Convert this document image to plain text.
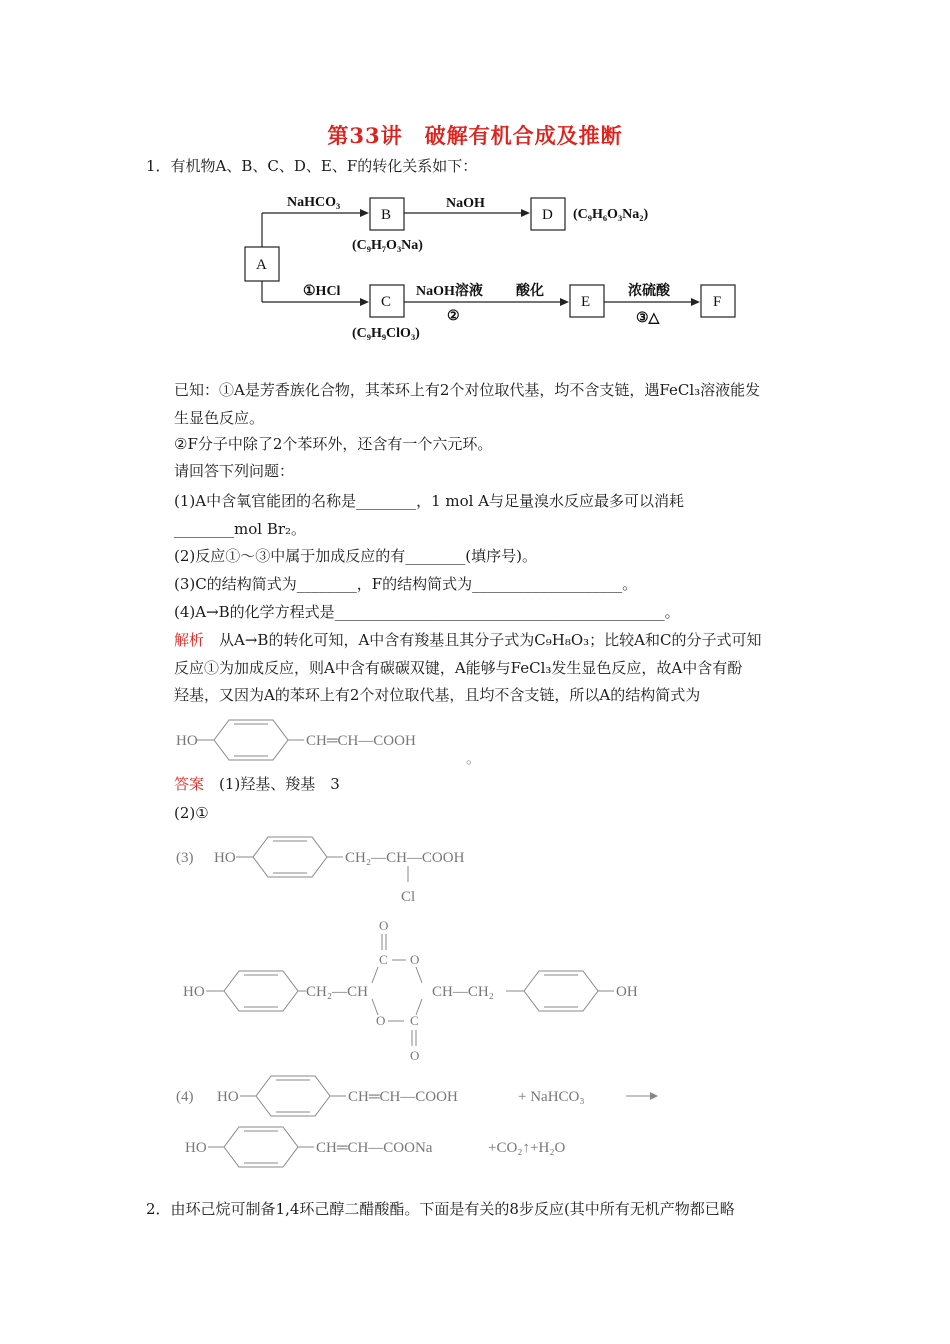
第33讲　破解有机合成及推断
1．有机物A、B、C、D、E、F的转化关系如下：
A
B	D
C	E	F
NaHCO₃	NaOH
①HCl	NaOH溶液
②
酸化	浓硫酸
③△
(C₉H₇O₃Na)
(C₉H₆O₃Na₂)
(C₉H₉ClO₃)
已知：①A是芳香族化合物，其苯环上有2个对位取代基，均不含支链，遇FeCl₃溶液能发
生显色反应。
②F分子中除了2个苯环外，还含有一个六元环。
请回答下列问题：
(1)A中含氧官能团的名称是________，1 mol A与足量溴水反应最多可以消耗
________mol Br₂。
(2)反应①～③中属于加成反应的有________(填序号)。
(3)C的结构简式为________，F的结构简式为____________________。
(4)A→B的化学方程式是____________________________________________。
解析　 从A→B的转化可知，A中含有羧基且其分子式为C₉H₈O₃；比较A和C的分子式可知
反应①为加成反应，则A中含有碳碳双键，A能够与FeCl₃发生显色反应，故A中含有酚
羟基，又因为A的苯环上有2个对位取代基，且均不含支链，所以A的结构简式为
HO	CH═CH—COOH
。
答案　 (1)羟基、羧基　3
(2)①
(3) HO	CH₂—CH—COOH
Cl
HO	CH₂—CH
O
C O
CH—CH₂
O C
O
OH
(4) HO	CH═CH—COOH	+ NaHCO₃
HO	CH═CH—COONa	+CO₂↑+H₂O
2．由环己烷可制备1,4环己醇二醋酸酯。下面是有关的8步反应(其中所有无机产物都已略
